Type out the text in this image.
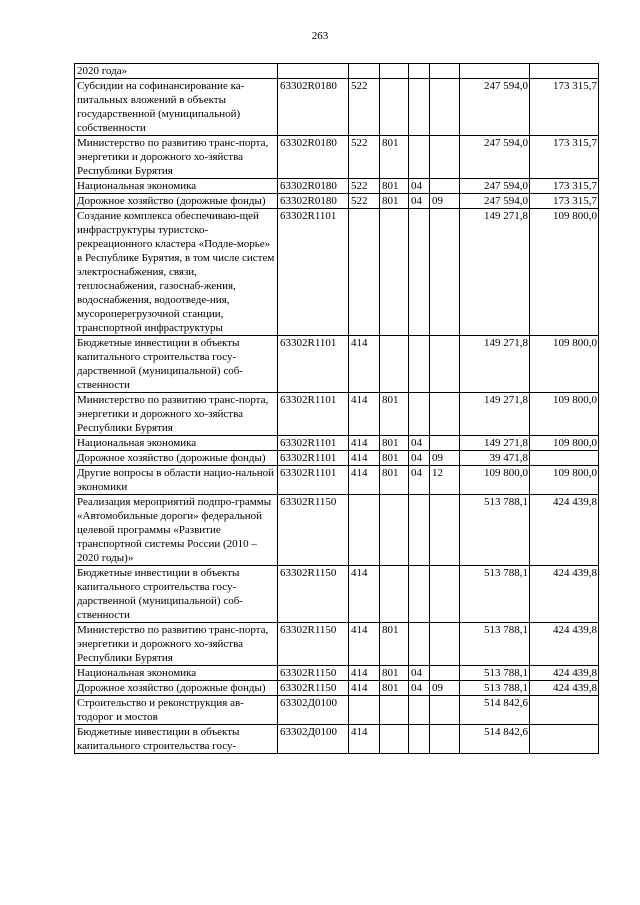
263
2020 года»							
Субсидии на софинансирование ка-питальных вложений в объекты государственной (муниципальной) собственности	63302R0180	522				247 594,0	173 315,7
Министерство по развитию транс-порта, энергетики и дорожного хо-зяйства Республики Бурятия	63302R0180	522	801			247 594,0	173 315,7
Национальная экономика	63302R0180	522	801	04		247 594,0	173 315,7
Дорожное хозяйство (дорожные фонды)	63302R0180	522	801	04	09	247 594,0	173 315,7
Создание комплекса обеспечиваю-щей инфраструктуры туристско-рекреационного кластера «Подле-морье» в Республике Бурятия, в том числе систем электроснабжения, связи, теплоснабжения, газоснаб-жения, водоснабжения, водоотведе-ния, мусороперегрузочной станции, транспортной инфраструктуры	63302R1101					149 271,8	109 800,0
Бюджетные инвестиции в объекты капитального строительства госу-дарственной (муниципальной) соб-ственности	63302R1101	414				149 271,8	109 800,0
Министерство по развитию транс-порта, энергетики и дорожного хо-зяйства Республики Бурятия	63302R1101	414	801			149 271,8	109 800,0
Национальная экономика	63302R1101	414	801	04		149 271,8	109 800,0
Дорожное хозяйство (дорожные фонды)	63302R1101	414	801	04	09	39 471,8	
Другие вопросы в области нацио-нальной экономики	63302R1101	414	801	04	12	109 800,0	109 800,0
Реализация мероприятий подпро-граммы «Автомобильные дороги» федеральной целевой программы «Развитие транспортной системы России (2010 – 2020 годы)»	63302R1150					513 788,1	424 439,8
Бюджетные инвестиции в объекты капитального строительства госу-дарственной (муниципальной) соб-ственности	63302R1150	414				513 788,1	424 439,8
Министерство по развитию транс-порта, энергетики и дорожного хо-зяйства Республики Бурятия	63302R1150	414	801			513 788,1	424 439,8
Национальная экономика	63302R1150	414	801	04		513 788,1	424 439,8
Дорожное хозяйство (дорожные фонды)	63302R1150	414	801	04	09	513 788,1	424 439,8
Строительство и реконструкция ав-тодорог и мостов	63302Д0100					514 842,6	
Бюджетные инвестиции в объекты капитального строительства госу-	63302Д0100	414				514 842,6	
